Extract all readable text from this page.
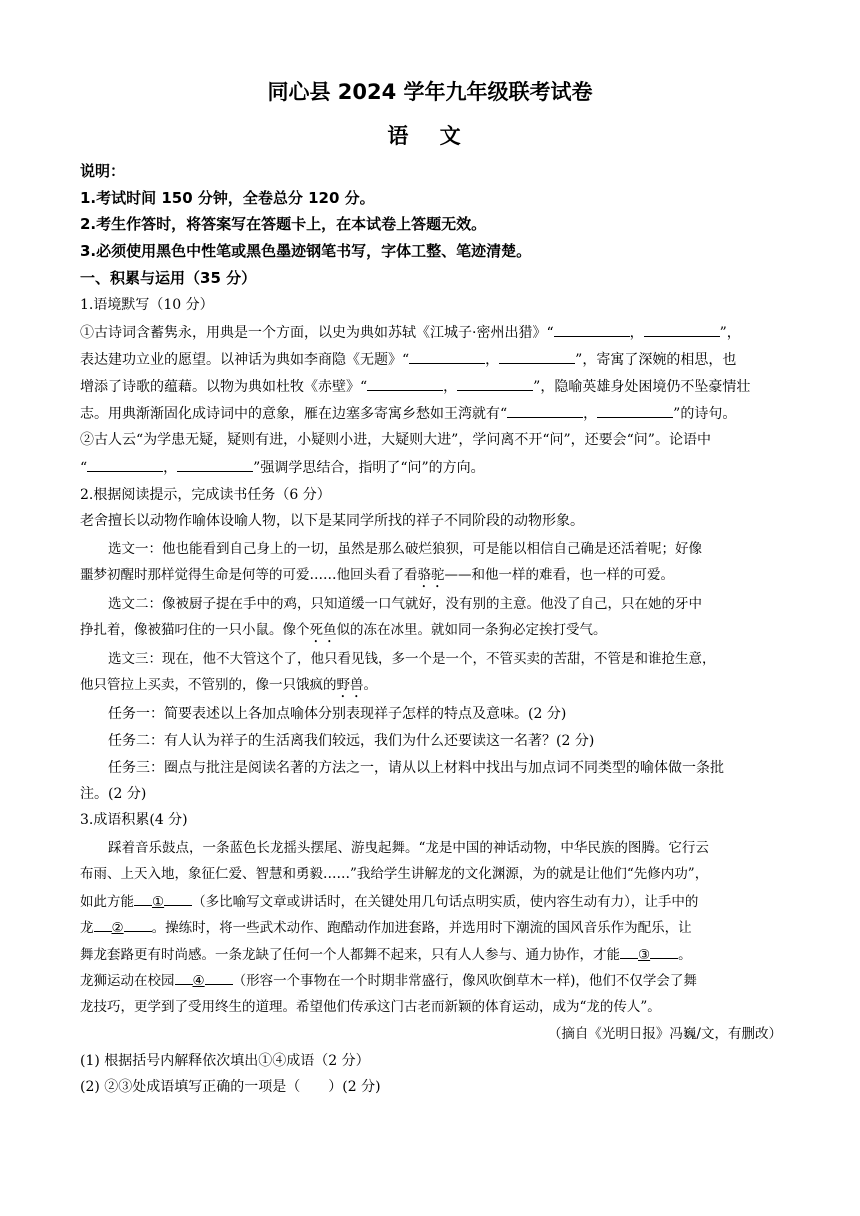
同心县 2024 学年九年级联考试卷
语 文
说明：
1.考试时间 150 分钟，全卷总分 120 分。
2.考生作答时，将答案写在答题卡上，在本试卷上答题无效。
3.必须使用黑色中性笔或黑色墨迹钢笔书写，字体工整、笔迹清楚。
一、积累与运用（35 分）
1.语境默写（10 分）
①古诗词含蓄隽永，用典是一个方面，以史为典如苏轼《江城子·密州出猎》“	，	”，
表达建功立业的愿望。以神话为典如李商隐《无题》“	，	”，寄寓了深婉的相思，也
增添了诗歌的蕴藉。以物为典如杜牧《赤壁》“	，	”，隐喻英雄身处困境仍不坠豪情壮
志。用典渐渐固化成诗词中的意象，雁在边塞多寄寓乡愁如王湾就有“	，	”的诗句。
②古人云“为学患无疑，疑则有进，小疑则小进，大疑则大进”，学问离不开“问”，还要会“问”。论语中
“	，	”强调学思结合，指明了“问”的方向。
2.根据阅读提示，完成读书任务（6 分）
老舍擅长以动物作喻体设喻人物，以下是某同学所找的祥子不同阶段的动物形象。
选文一：他也能看到自己身上的一切，虽然是那么破烂狼狈，可是能以相信自己确是还活着呢；好像
噩梦初醒时那样觉得生命是何等的可爱……他回头看了看骆驼——和他一样的难看，也一样的可爱。
选文二：像被厨子提在手中的鸡，只知道缓一口气就好，没有别的主意。他没了自己，只在她的牙中
挣扎着，像被猫叼住的一只小鼠。像个死鱼似的冻在冰里。就如同一条狗必定挨打受气。
选文三：现在，他不大管这个了，他只看见钱，多一个是一个，不管买卖的苦甜，不管是和谁抢生意，
他只管拉上买卖，不管别的，像一只饿疯的野兽。
任务一：简要表述以上各加点喻体分别表现祥子怎样的特点及意味。(2 分)
任务二：有人认为祥子的生活离我们较远，我们为什么还要读这一名著？(2 分)
任务三：圈点与批注是阅读名著的方法之一，请从以上材料中找出与加点词不同类型的喻体做一条批
注。(2 分)
3.成语积累(4 分)
踩着音乐鼓点，一条蓝色长龙摇头摆尾、游曳起舞。“龙是中国的神话动物，中华民族的图腾。它行云
布雨、上天入地，象征仁爱、智慧和勇毅……”我给学生讲解龙的文化渊源，为的就是让他们“先修内功”，
如此方能 ① （多比喻写文章或讲话时，在关键处用几句话点明实质，使内容生动有力），让手中的
龙 ② 。操练时，将一些武术动作、跑酷动作加进套路，并选用时下潮流的国风音乐作为配乐，让
舞龙套路更有时尚感。一条龙缺了任何一个人都舞不起来，只有人人参与、通力协作，才能 ③ 。
龙狮运动在校园 ④ （形容一个事物在一个时期非常盛行，像风吹倒草木一样)，他们不仅学会了舞
龙技巧，更学到了受用终生的道理。希望他们传承这门古老而新颖的体育运动，成为“龙的传人”。
（摘自《光明日报》冯巍/文，有删改）
(1) 根据括号内解释依次填出①④成语（2 分）
(2) ②③处成语填写正确的一项是（　　）(2 分)
